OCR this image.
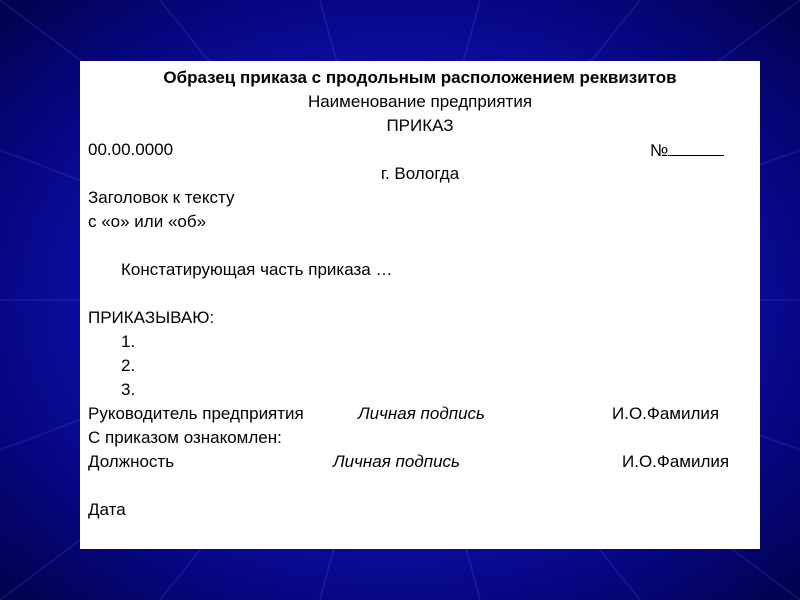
Образец приказа с продольным расположением реквизитов
Наименование предприятия
ПРИКАЗ
00.00.0000	№
г. Вологда
Заголовок к тексту
с «о» или «об»
Констатирующая часть приказа …
ПРИКАЗЫВАЮ:
1.
2.
3.
Руководитель предприятия	Личная подпись	И.О.Фамилия
С приказом ознакомлен:
Должность	Личная подпись	И.О.Фамилия
Дата
